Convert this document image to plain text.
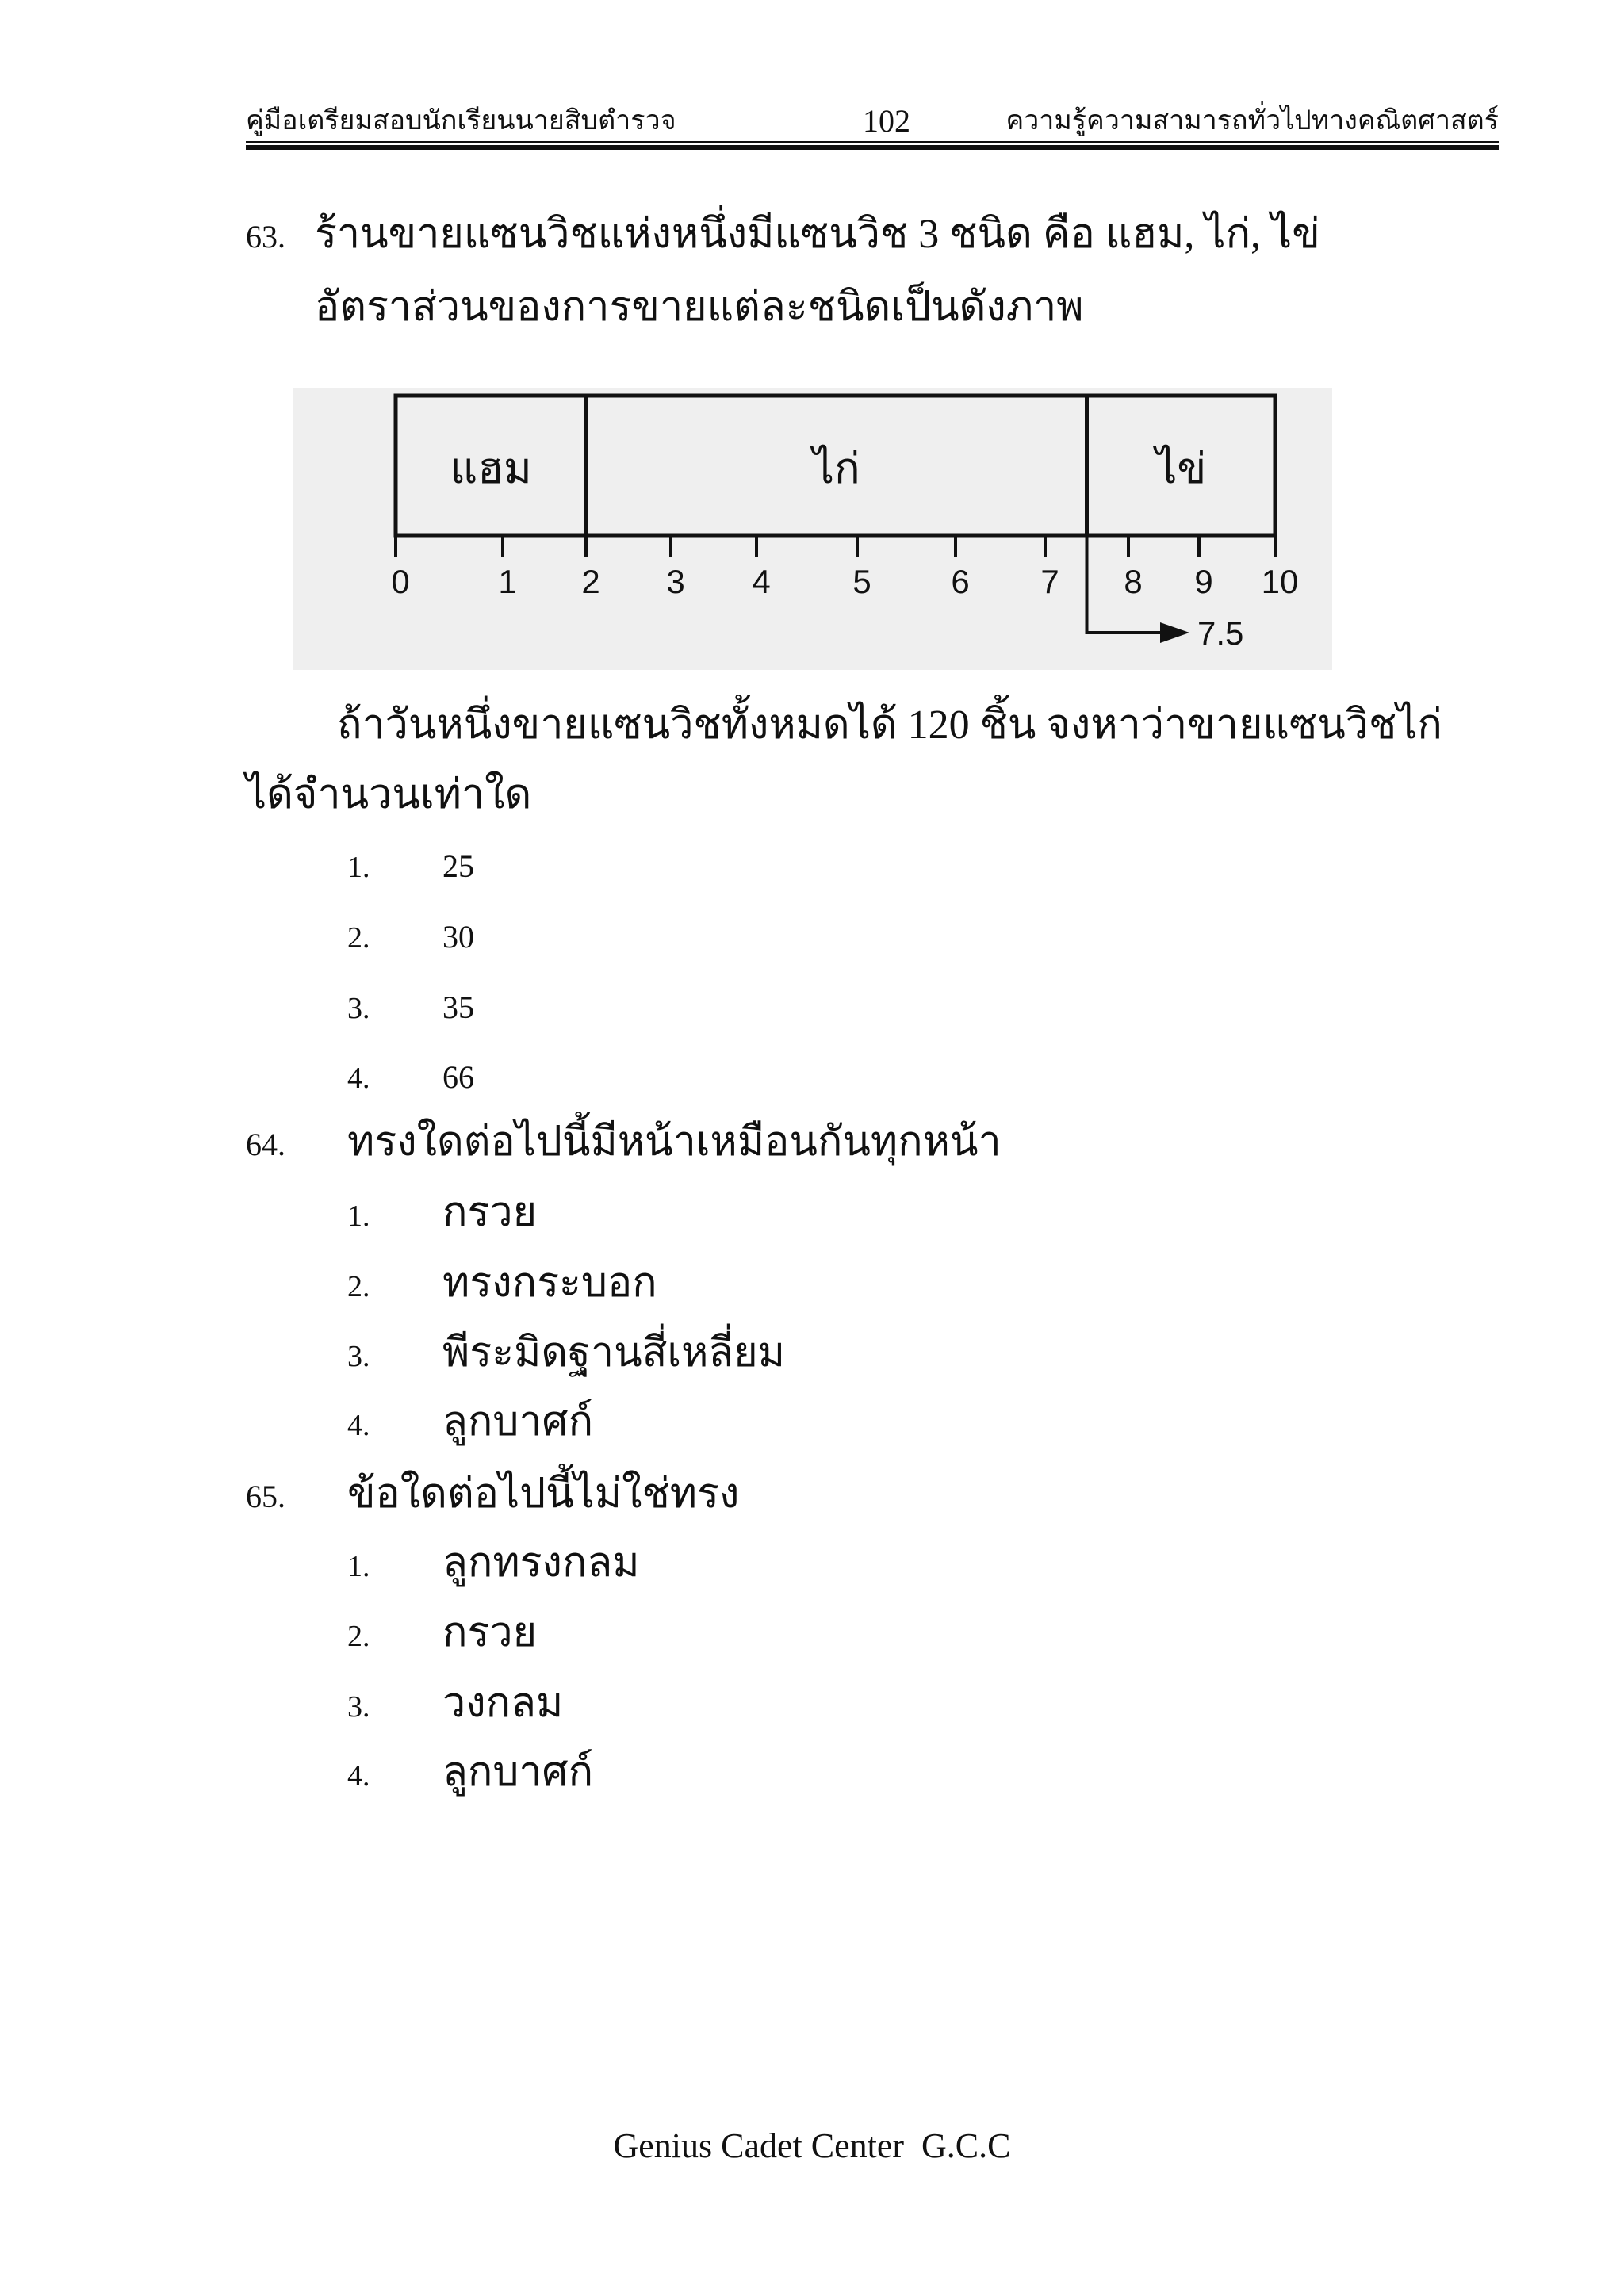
คู่มือเตรียมสอบนักเรียนนายสิบตำรวจ	102	ความรู้ความสามารถทั่วไปทางคณิตศาสตร์
63. ร้านขายแซนวิชแห่งหนึ่งมีแซนวิช 3 ชนิด คือ แฮม, ไก่, ไข่
อัตราส่วนของการขายแต่ละชนิดเป็นดังภาพ
แฮม	ไก่	ไข่
0	1 2 3 4 5 6 7 8 9 10
7.5
ถ้าวันหนึ่งขายแซนวิชทั้งหมดได้ 120 ชิ้น จงหาว่าขายแซนวิชไก่
ได้จำนวนเท่าใด
1. 25
2. 30
3. 35
4. 66
64. ทรงใดต่อไปนี้มีหน้าเหมือนกันทุกหน้า
1. กรวย
2. ทรงกระบอก
3. พีระมิดฐานสี่เหลี่ยม
4. ลูกบาศก์
65. ข้อใดต่อไปนี้ไม่ใช่ทรง
1. ลูกทรงกลม
2. กรวย
3. วงกลม
4. ลูกบาศก์
Genius Cadet Center  G.C.C
